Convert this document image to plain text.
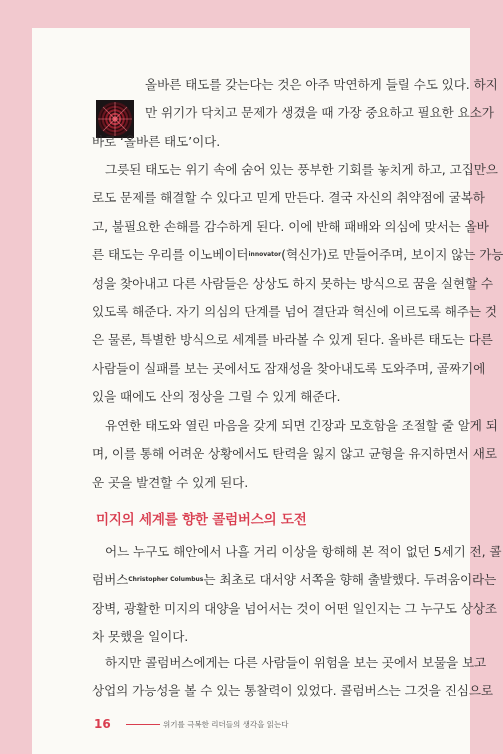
올바른 태도를 갖는다는 것은 아주 막연하게 들릴 수도 있다. 하지
만 위기가 닥치고 문제가 생겼을 때 가장 중요하고 필요한 요소가
바로 ‘올바른 태도’이다.
그릇된 태도는 위기 속에 숨어 있는 풍부한 기회를 놓치게 하고, 고집만으
로도 문제를 해결할 수 있다고 믿게 만든다. 결국 자신의 취약점에 굴복하
고, 불필요한 손해를 감수하게 된다. 이에 반해 패배와 의심에 맞서는 올바
른 태도는 우리를 이노베이터$^{innovator}$(혁신가)로 만들어주며, 보이지 않는 가능
성을 찾아내고 다른 사람들은 상상도 하지 못하는 방식으로 꿈을 실현할 수
있도록 해준다. 자기 의심의 단계를 넘어 결단과 혁신에 이르도록 해주는 것
은 물론, 특별한 방식으로 세계를 바라볼 수 있게 된다. 올바른 태도는 다른
사람들이 실패를 보는 곳에서도 잠재성을 찾아내도록 도와주며, 골짜기에
있을 때에도 산의 정상을 그릴 수 있게 해준다.
유연한 태도와 열린 마음을 갖게 되면 긴장과 모호함을 조절할 줄 알게 되
며, 이를 통해 어려운 상황에서도 탄력을 잃지 않고 균형을 유지하면서 새로
운 곳을 발견할 수 있게 된다.
미지의 세계를 향한 콜럼버스의 도전
어느 누구도 해안에서 나흘 거리 이상을 항해해 본 적이 없던 5세기 전, 콜
럼버스$^{Christopher Columbus}$는 최초로 대서양 서쪽을 향해 출발했다. 두려움이라는
장벽, 광활한 미지의 대양을 넘어서는 것이 어떤 일인지는 그 누구도 상상조
차 못했을 일이다.
하지만 콜럼버스에게는 다른 사람들이 위험을 보는 곳에서 보물을 보고
상업의 가능성을 볼 수 있는 통찰력이 있었다. 콜럼버스는 그것을 진심으로
16	위기를 극복한 리더들의 생각을 읽는다
